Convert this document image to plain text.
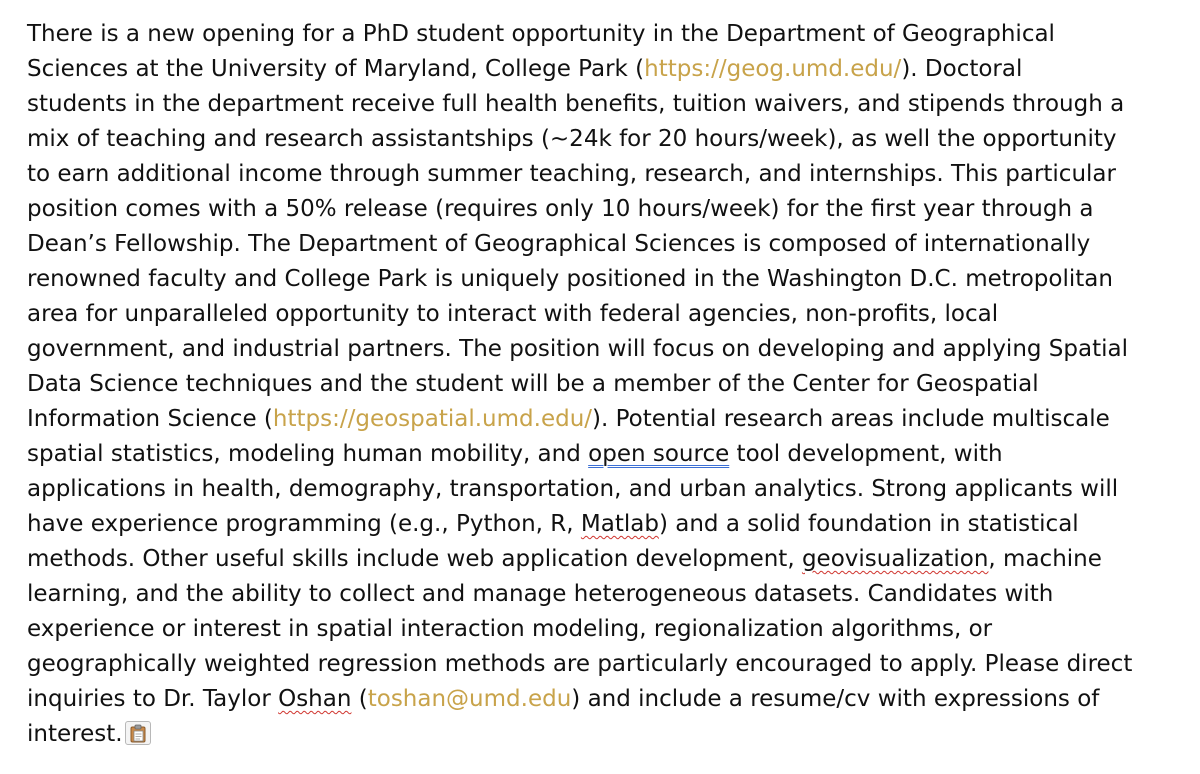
There is a new opening for a PhD student opportunity in the Department of Geographical
Sciences at the University of Maryland, College Park (https://geog.umd.edu/). Doctoral
students in the department receive full health benefits, tuition waivers, and stipends through a
mix of teaching and research assistantships (~24k for 20 hours/week), as well the opportunity
to earn additional income through summer teaching, research, and internships. This particular
position comes with a 50% release (requires only 10 hours/week) for the first year through a
Dean’s Fellowship. The Department of Geographical Sciences is composed of internationally
renowned faculty and College Park is uniquely positioned in the Washington D.C. metropolitan
area for unparalleled opportunity to interact with federal agencies, non-profits, local
government, and industrial partners. The position will focus on developing and applying Spatial
Data Science techniques and the student will be a member of the Center for Geospatial
Information Science (https://geospatial.umd.edu/). Potential research areas include multiscale
spatial statistics, modeling human mobility, and open source tool development, with
applications in health, demography, transportation, and urban analytics. Strong applicants will
have experience programming (e.g., Python, R, Matlab) and a solid foundation in statistical
methods. Other useful skills include web application development, geovisualization, machine
learning, and the ability to collect and manage heterogeneous datasets. Candidates with
experience or interest in spatial interaction modeling, regionalization algorithms, or
geographically weighted regression methods are particularly encouraged to apply. Please direct
inquiries to Dr. Taylor Oshan (toshan@umd.edu) and include a resume/cv with expressions of
interest.
